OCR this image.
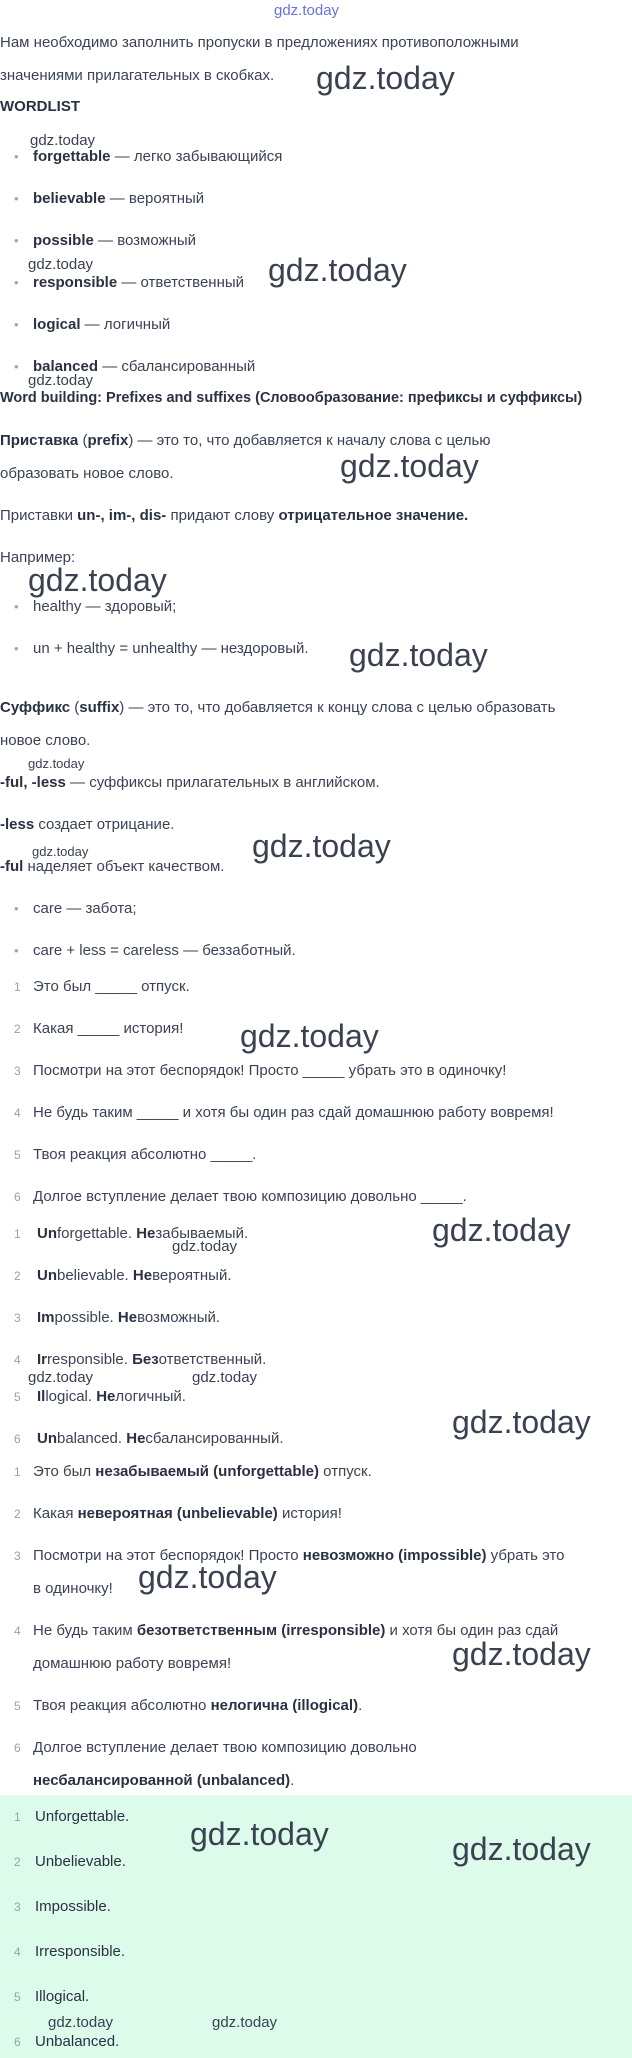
gdz.today
Нам необходимо заполнить пропуски в предложениях противоположными
значениями прилагательных в скобках. gdz.today
WORDLIST
gdz.today
• forgettable — легко забывающийся
• believable — вероятный
• possible — возможный
gdz.today
• responsible — ответственный gdz.today
• logical — логичный
• balanced — сбалансированный
gdz.today
Word building: Prefixes and suffixes (Словообразование: префиксы и суффиксы)
Приставка (prefix) — это то, что добавляется к началу слова с целью
образовать новое слово.	gdz.today
Приставки un-, im-, dis- придают слову отрицательное значение.
Например:
gdz.today
• healthy — здоровый;
• un + healthy = unhealthy — нездоровый. gdz.today
Суффикс (suffix) — это то, что добавляется к концу слова с целью образовать
новое слово.
gdz.today
-ful, -less — суффиксы прилагательных в английском.
-less создает отрицание.
gdz.today	gdz.today
-ful наделяет объект качеством.
• care — забота;
• care + less = careless — беззаботный.
1 Это был _____ отпуск.
2 Какая _____ история! gdz.today
3 Посмотри на этот беспорядок! Просто _____ убрать это в одиночку!
4 Не будь таким _____ и хотя бы один раз сдай домашнюю работу вовремя!
5 Твоя реакция абсолютно _____.
6 Долгое вступление делает твою композицию довольно _____.
gdz.today
1 Unforgettable. Незабываемый.
gdz.today
2 Unbelievable. Невероятный.
3 Impossible. Невозможный.
4 Irresponsible. Безответственный.
gdz.today	gdz.today
5 Illogical. Нелогичный.
gdz.today
6 Unbalanced. Несбалансированный.
1 Это был незабываемый (unforgettable) отпуск.
2 Какая невероятная (unbelievable) история!
3 Посмотри на этот беспорядок! Просто невозможно (impossible) убрать это
в одиночку! gdz.today
4 Не будь таким безответственным (irresponsible) и хотя бы один раз сдай
домашнюю работу вовремя!	gdz.today
5 Твоя реакция абсолютно нелогична (illogical).
6 Долгое вступление делает твою композицию довольно
несбалансированной (unbalanced).
1 Unforgettable. gdz.today	gdz.today
2 Unbelievable.
3 Impossible.
4 Irresponsible.
5 Illogical.
gdz.today	gdz.today
6 Unbalanced.
